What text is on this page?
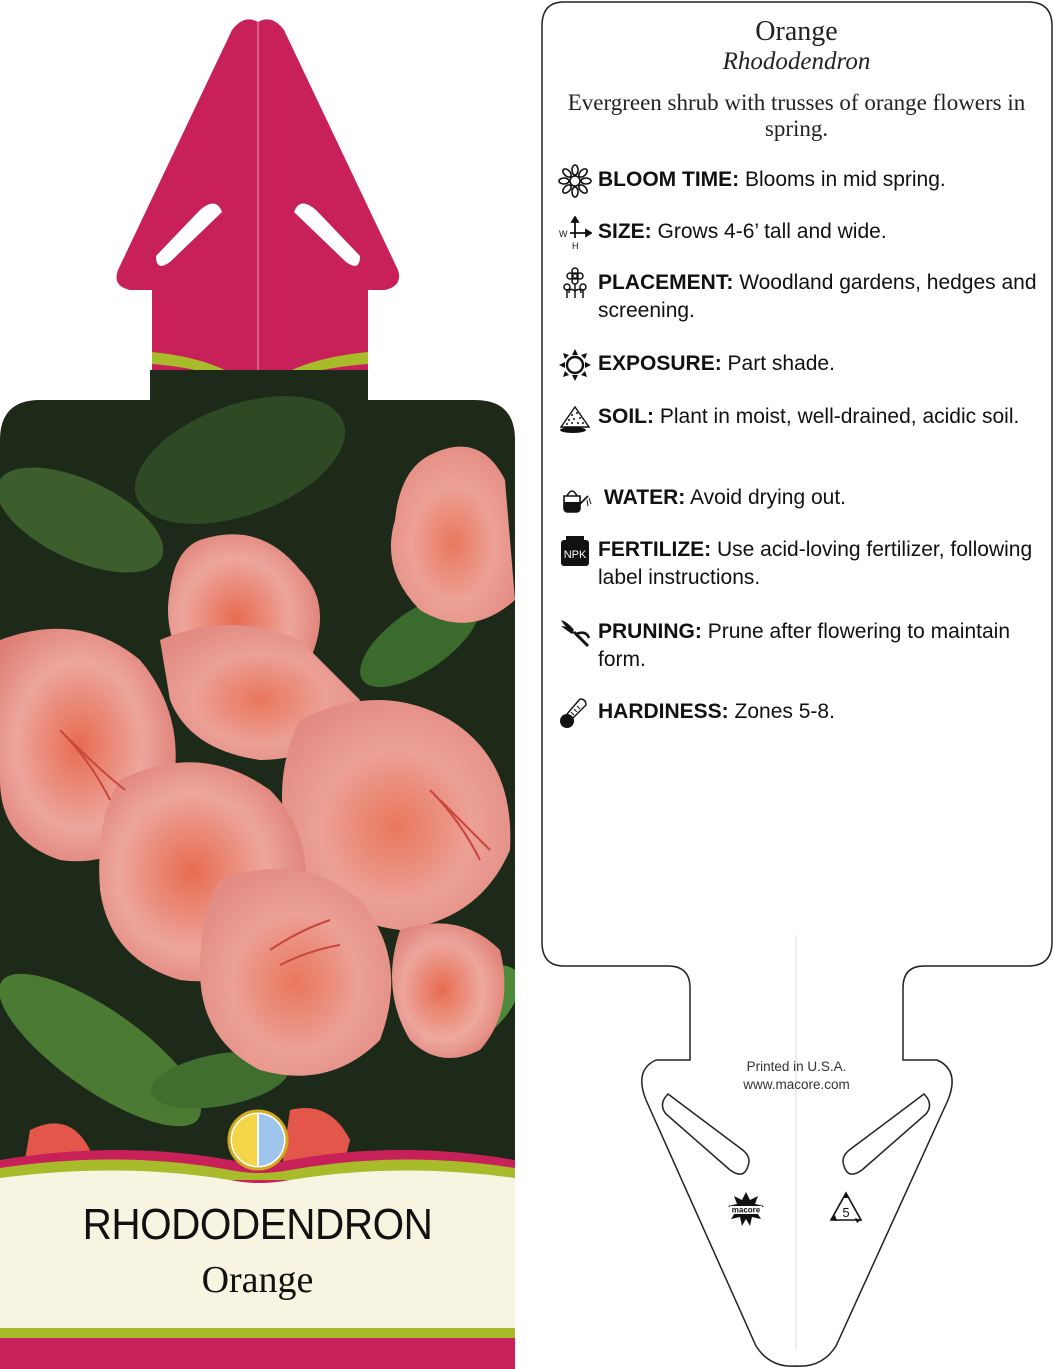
RHODODENDRON
Orange
Orange
Rhododendron
Evergreen shrub with trusses of orange flowers in spring.
BLOOM TIME: Blooms in mid spring.
W
H
SIZE: Grows 4-6’ tall and wide.
PLACEMENT: Woodland gardens, hedges and screening.
EXPOSURE: Part shade.
SOIL: Plant in moist, well-drained, acidic soil.
WATER: Avoid drying out.
NPK FERTILIZE: Use acid-loving fertilizer, following label instructions.
PRUNING: Prune after flowering to maintain form.
HARDINESS: Zones 5-8.
Printed in U.S.A.
www.macore.com
macore	5
